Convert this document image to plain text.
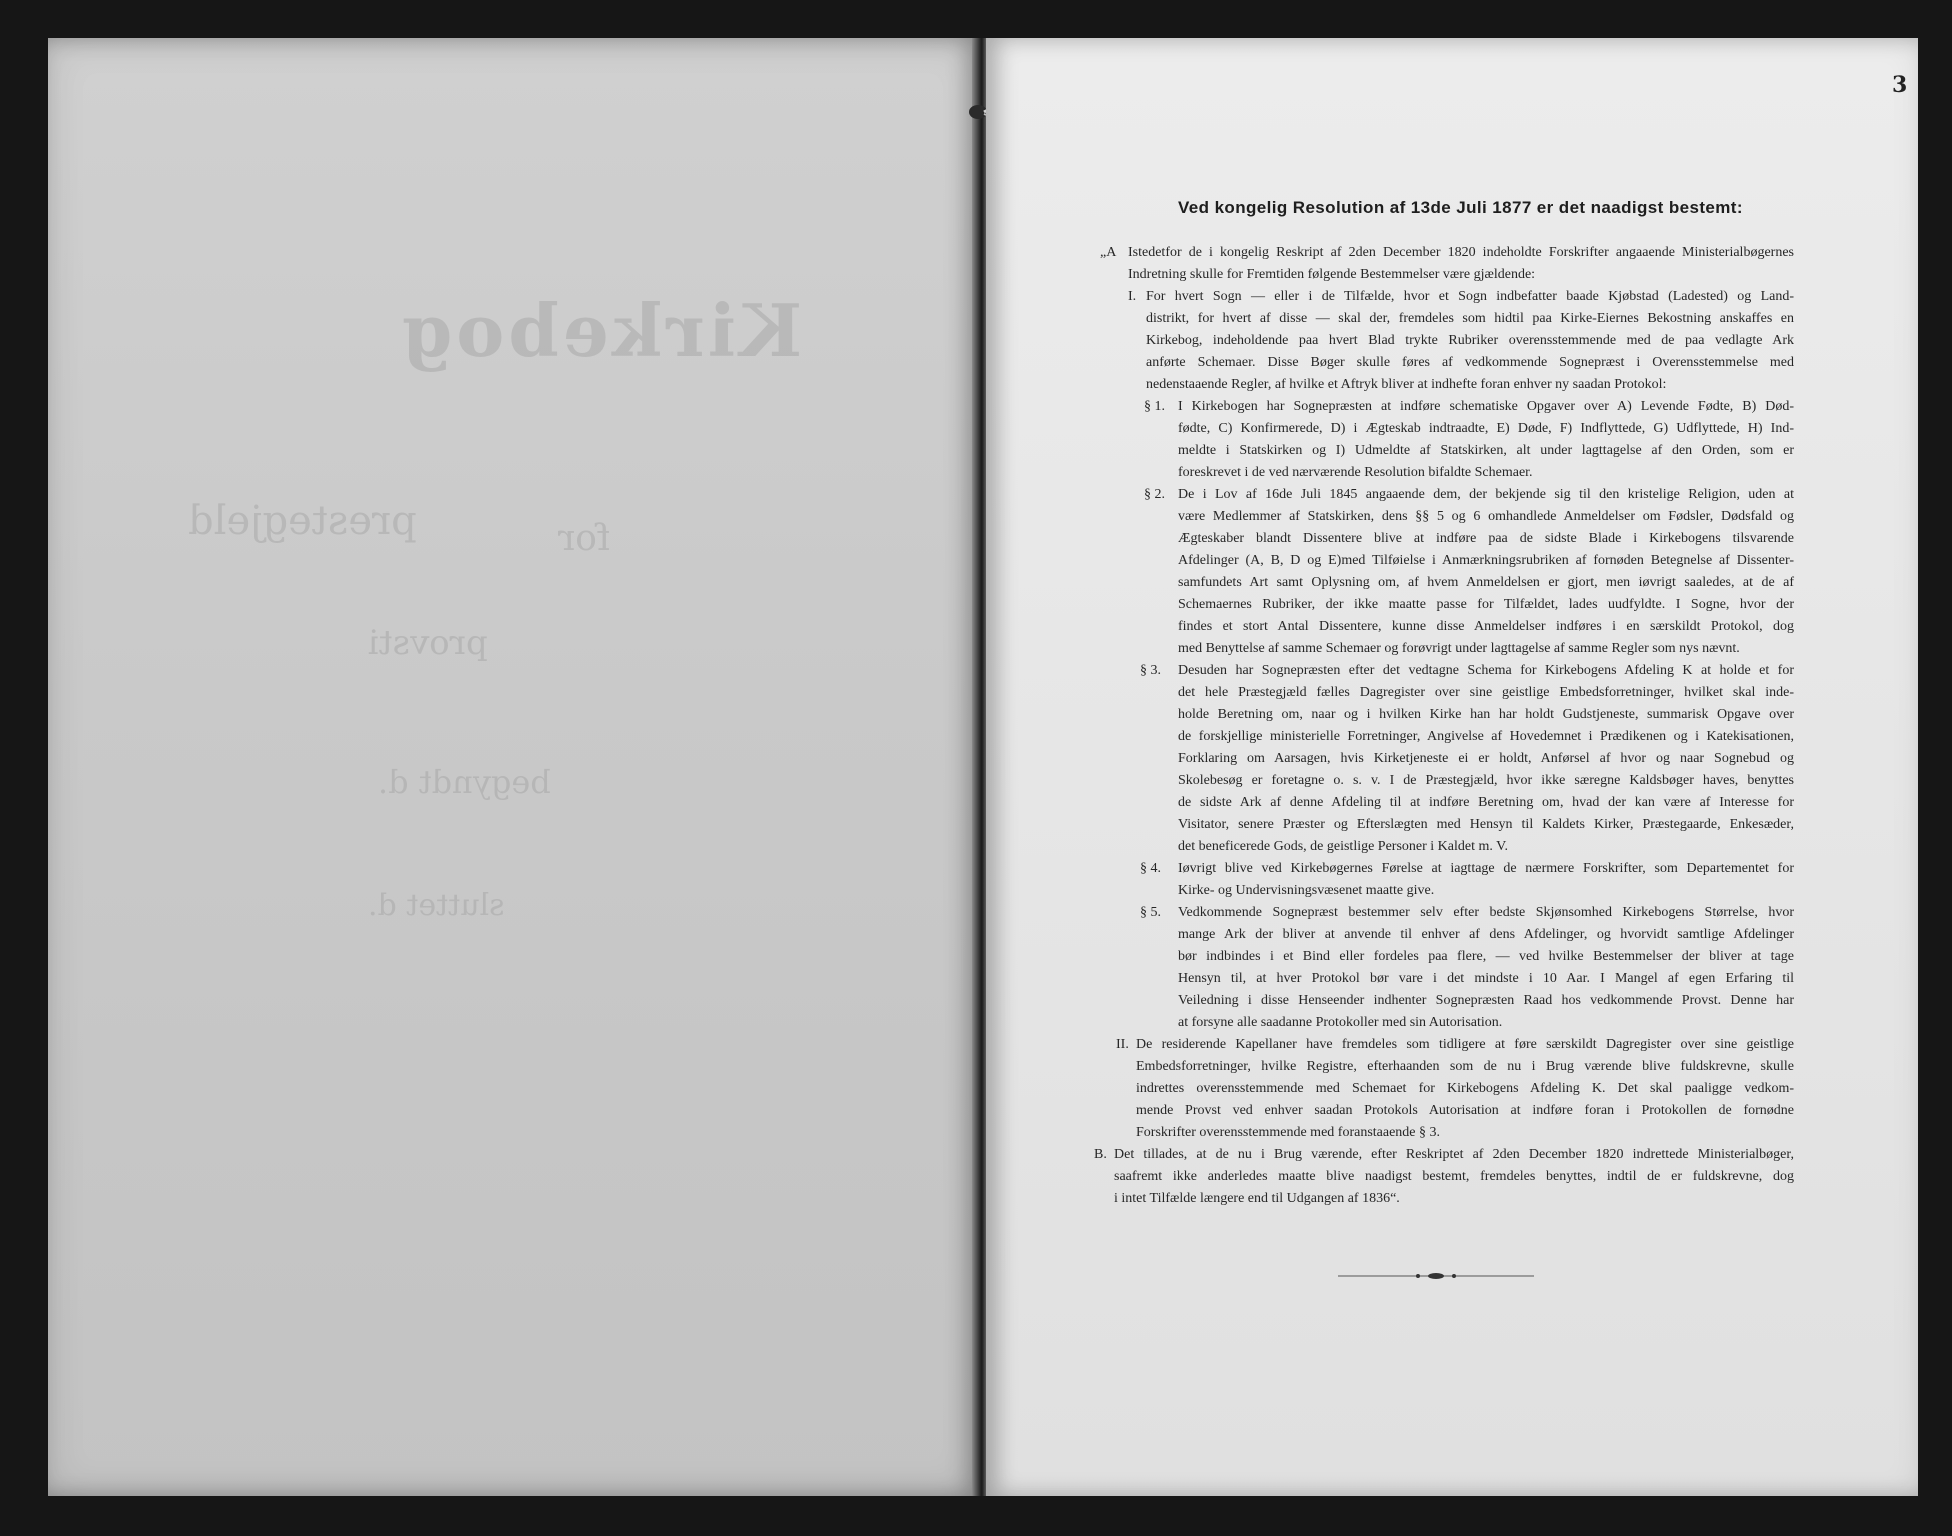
Kirkebog
prestegjeld	for
provsti
begyndt d.
sluttet d.
3
Ved kongelig Resolution af 13de Juli 1877 er det naadigst bestemt:
„A Istedetfor de i kongelig Reskript af 2den December 1820 indeholdte Forskrifter angaaende Ministerialbøgernes
Indretning skulle for Fremtiden følgende Bestemmelser være gjældende:
I. For hvert Sogn — eller i de Tilfælde, hvor et Sogn indbefatter baade Kjøbstad (Ladested) og Land-
distrikt, for hvert af disse — skal der, fremdeles som hidtil paa Kirke-Eiernes Bekostning anskaffes en
Kirkebog, indeholdende paa hvert Blad trykte Rubriker overensstemmende med de paa vedlagte Ark
anførte Schemaer. Disse Bøger skulle føres af vedkommende Sognepræst i Overensstemmelse med
nedenstaaende Regler, af hvilke et Aftryk bliver at indhefte foran enhver ny saadan Protokol:
§ 1. I Kirkebogen har Sognepræsten at indføre schematiske Opgaver over A) Levende Fødte, B) Død-
fødte, C) Konfirmerede, D) i Ægteskab indtraadte, E) Døde, F) Indflyttede, G) Udflyttede, H) Ind-
meldte i Statskirken og I) Udmeldte af Statskirken, alt under lagttagelse af den Orden, som er
foreskrevet i de ved nærværende Resolution bifaldte Schemaer.
§ 2. De i Lov af 16de Juli 1845 angaaende dem, der bekjende sig til den kristelige Religion, uden at
være Medlemmer af Statskirken, dens §§ 5 og 6 omhandlede Anmeldelser om Fødsler, Dødsfald og
Ægteskaber blandt Dissentere blive at indføre paa de sidste Blade i Kirkebogens tilsvarende
Afdelinger (A, B, D og E)med Tilføielse i Anmærkningsrubriken af fornøden Betegnelse af Dissenter-
samfundets Art samt Oplysning om, af hvem Anmeldelsen er gjort, men iøvrigt saaledes, at de af
Schemaernes Rubriker, der ikke maatte passe for Tilfældet, lades uudfyldte. I Sogne, hvor der
findes et stort Antal Dissentere, kunne disse Anmeldelser indføres i en særskildt Protokol, dog
med Benyttelse af samme Schemaer og forøvrigt under lagttagelse af samme Regler som nys nævnt.
§ 3. Desuden har Sognepræsten efter det vedtagne Schema for Kirkebogens Afdeling K at holde et for
det hele Præstegjæld fælles Dagregister over sine geistlige Embedsforretninger, hvilket skal inde-
holde Beretning om, naar og i hvilken Kirke han har holdt Gudstjeneste, summarisk Opgave over
de forskjellige ministerielle Forretninger, Angivelse af Hovedemnet i Prædikenen og i Katekisationen,
Forklaring om Aarsagen, hvis Kirketjeneste ei er holdt, Anførsel af hvor og naar Sognebud og
Skolebesøg er foretagne o. s. v. I de Præstegjæld, hvor ikke særegne Kaldsbøger haves, benyttes
de sidste Ark af denne Afdeling til at indføre Beretning om, hvad der kan være af Interesse for
Visitator, senere Præster og Efterslægten med Hensyn til Kaldets Kirker, Præstegaarde, Enkesæder,
det beneficerede Gods, de geistlige Personer i Kaldet m. V.
§ 4. Iøvrigt blive ved Kirkebøgernes Førelse at iagttage de nærmere Forskrifter, som Departementet for
Kirke- og Undervisningsvæsenet maatte give.
§ 5. Vedkommende Sognepræst bestemmer selv efter bedste Skjønsomhed Kirkebogens Størrelse, hvor
mange Ark der bliver at anvende til enhver af dens Afdelinger, og hvorvidt samtlige Afdelinger
bør indbindes i et Bind eller fordeles paa flere, — ved hvilke Bestemmelser der bliver at tage
Hensyn til, at hver Protokol bør vare i det mindste i 10 Aar. I Mangel af egen Erfaring til
Veiledning i disse Henseender indhenter Sognepræsten Raad hos vedkommende Provst. Denne har
at forsyne alle saadanne Protokoller med sin Autorisation.
II. De residerende Kapellaner have fremdeles som tidligere at føre særskildt Dagregister over sine geistlige
Embedsforretninger, hvilke Registre, efterhaanden som de nu i Brug værende blive fuldskrevne, skulle
indrettes overensstemmende med Schemaet for Kirkebogens Afdeling K. Det skal paaligge vedkom-
mende Provst ved enhver saadan Protokols Autorisation at indføre foran i Protokollen de fornødne
Forskrifter overensstemmende med foranstaaende § 3.
B. Det tillades, at de nu i Brug værende, efter Reskriptet af 2den December 1820 indrettede Ministerialbøger,
saafremt ikke anderledes maatte blive naadigst bestemt, fremdeles benyttes, indtil de er fuldskrevne, dog
i intet Tilfælde længere end til Udgangen af 1836“.
